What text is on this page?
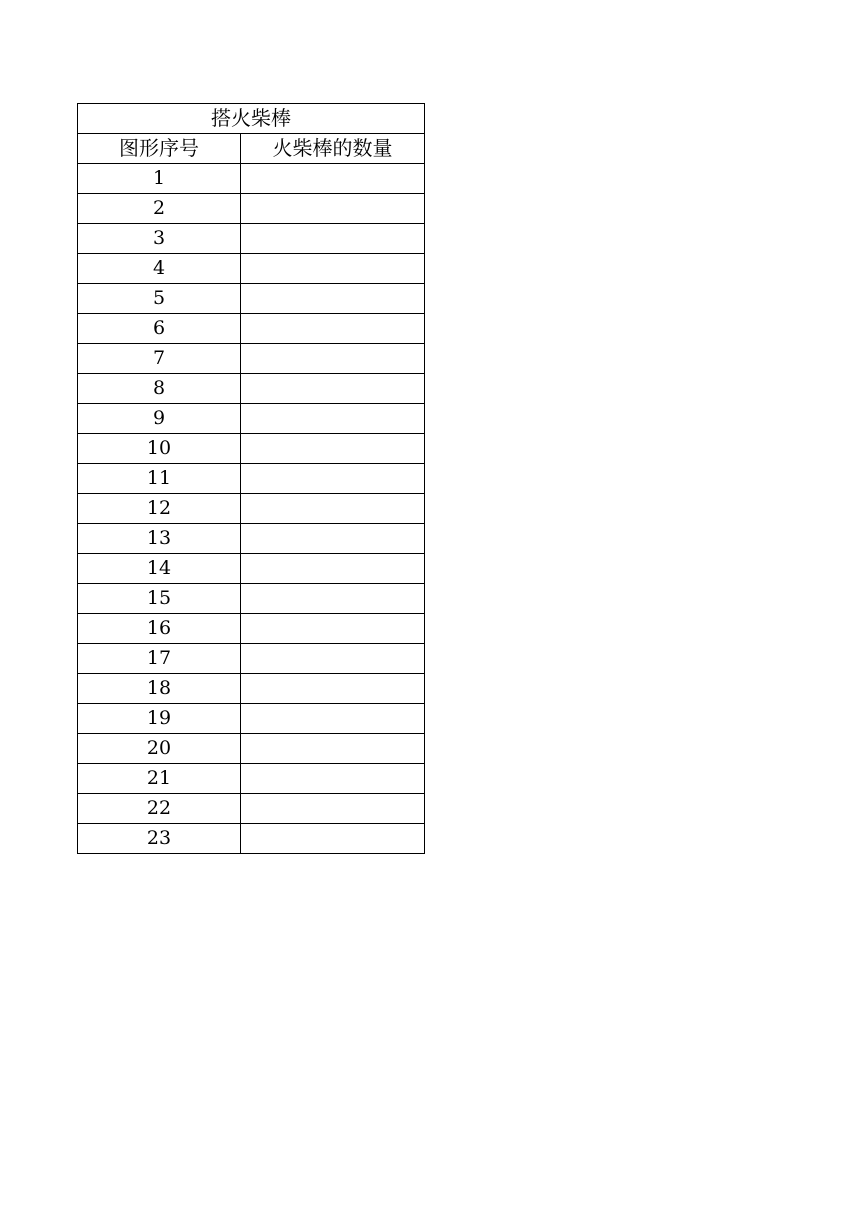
搭火柴棒	
图形序号	火柴棒的数量
1	
2	
3	
4	
5	
6	
7	
8	
9	
10	
11	
12	
13	
14	
15	
16	
17	
18	
19	
20	
21	
22	
23	
